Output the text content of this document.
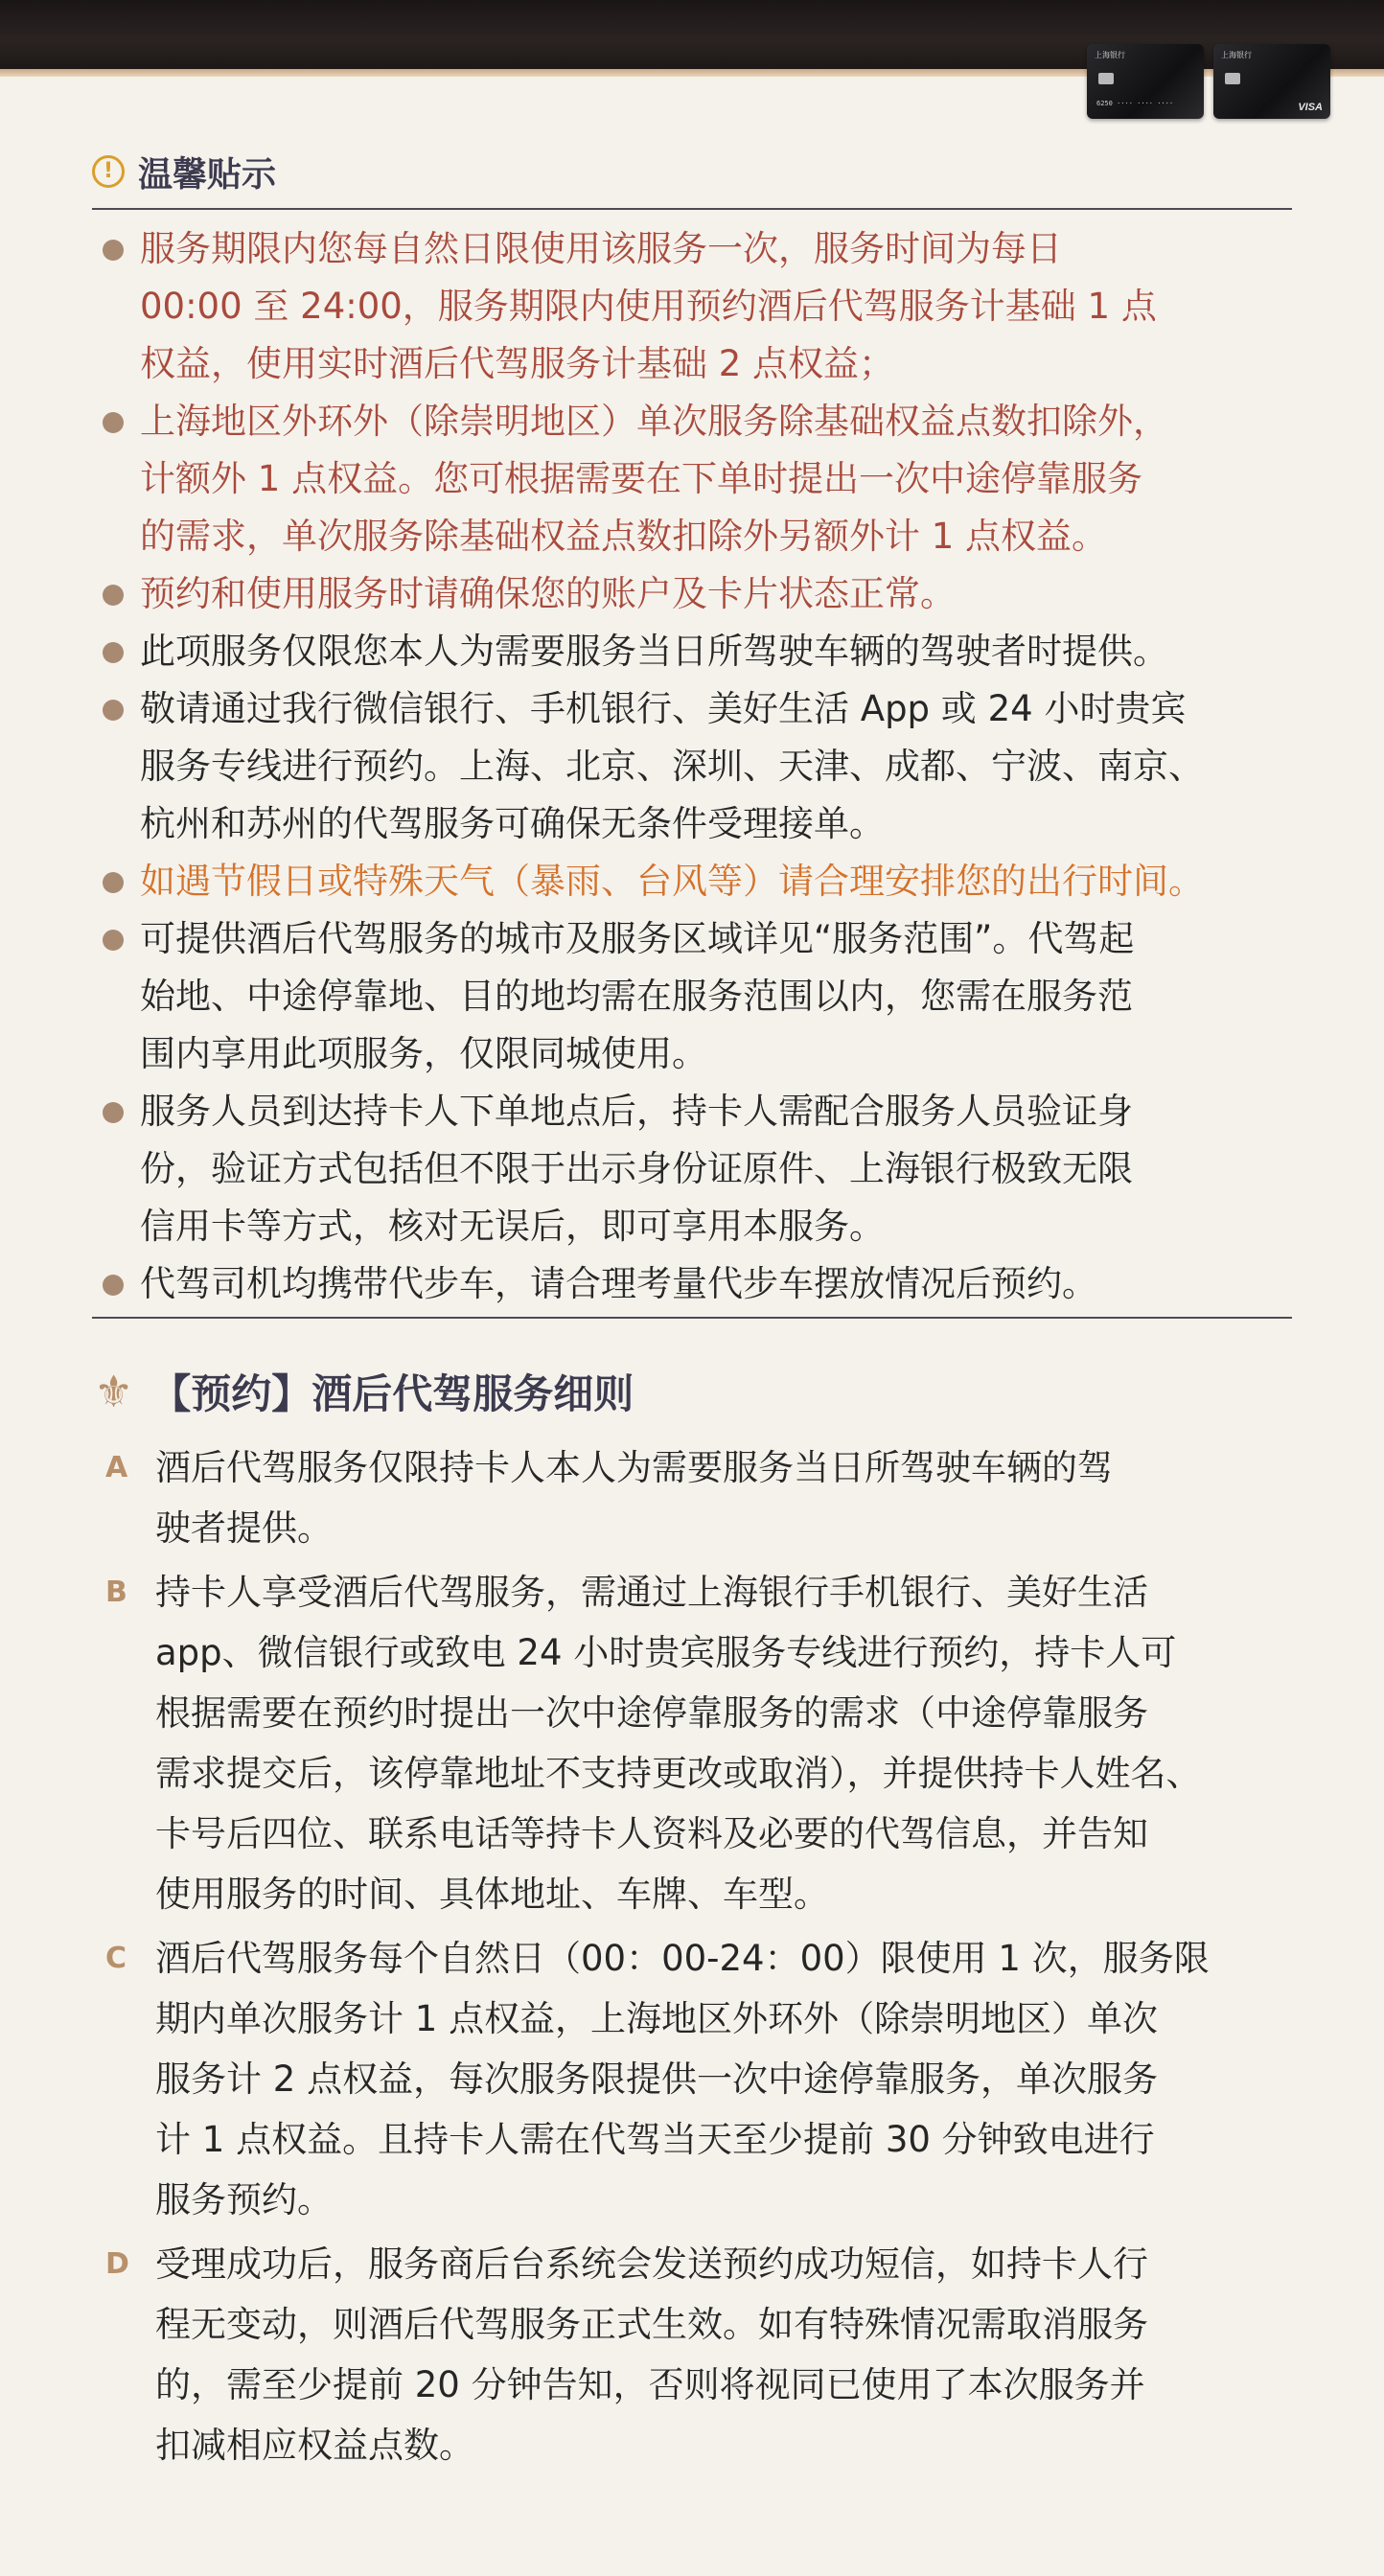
上海银行
6250 ···· ···· ····
上海银行
VISA
! 温馨贴示
服务期限内您每自然日限使用该服务一次，服务时间为每日
00:00 至 24:00，服务期限内使用预约酒后代驾服务计基础 1 点
权益，使用实时酒后代驾服务计基础 2 点权益；
上海地区外环外（除崇明地区）单次服务除基础权益点数扣除外，
计额外 1 点权益。您可根据需要在下单时提出一次中途停靠服务
的需求，单次服务除基础权益点数扣除外另额外计 1 点权益。
预约和使用服务时请确保您的账户及卡片状态正常。
此项服务仅限您本人为需要服务当日所驾驶车辆的驾驶者时提供。
敬请通过我行微信银行、手机银行、美好生活 App 或 24 小时贵宾
服务专线进行预约。上海、北京、深圳、天津、成都、宁波、南京、
杭州和苏州的代驾服务可确保无条件受理接单。
如遇节假日或特殊天气（暴雨、台风等）请合理安排您的出行时间。
可提供酒后代驾服务的城市及服务区域详见“服务范围”。代驾起
始地、中途停靠地、目的地均需在服务范围以内，您需在服务范
围内享用此项服务，仅限同城使用。
服务人员到达持卡人下单地点后，持卡人需配合服务人员验证身
份，验证方式包括但不限于出示身份证原件、上海银行极致无限
信用卡等方式，核对无误后，即可享用本服务。
代驾司机均携带代步车，请合理考量代步车摆放情况后预约。
⚜ 【预约】酒后代驾服务细则
A 酒后代驾服务仅限持卡人本人为需要服务当日所驾驶车辆的驾
驶者提供。
B 持卡人享受酒后代驾服务，需通过上海银行手机银行、美好生活
app、微信银行或致电 24 小时贵宾服务专线进行预约，持卡人可
根据需要在预约时提出一次中途停靠服务的需求（中途停靠服务
需求提交后，该停靠地址不支持更改或取消），并提供持卡人姓名、
卡号后四位、联系电话等持卡人资料及必要的代驾信息，并告知
使用服务的时间、具体地址、车牌、车型。
C 酒后代驾服务每个自然日（00：00-24：00）限使用 1 次，服务限
期内单次服务计 1 点权益，上海地区外环外（除崇明地区）单次
服务计 2 点权益，每次服务限提供一次中途停靠服务，单次服务
计 1 点权益。且持卡人需在代驾当天至少提前 30 分钟致电进行
服务预约。
D 受理成功后，服务商后台系统会发送预约成功短信，如持卡人行
程无变动，则酒后代驾服务正式生效。如有特殊情况需取消服务
的，需至少提前 20 分钟告知，否则将视同已使用了本次服务并
扣减相应权益点数。
